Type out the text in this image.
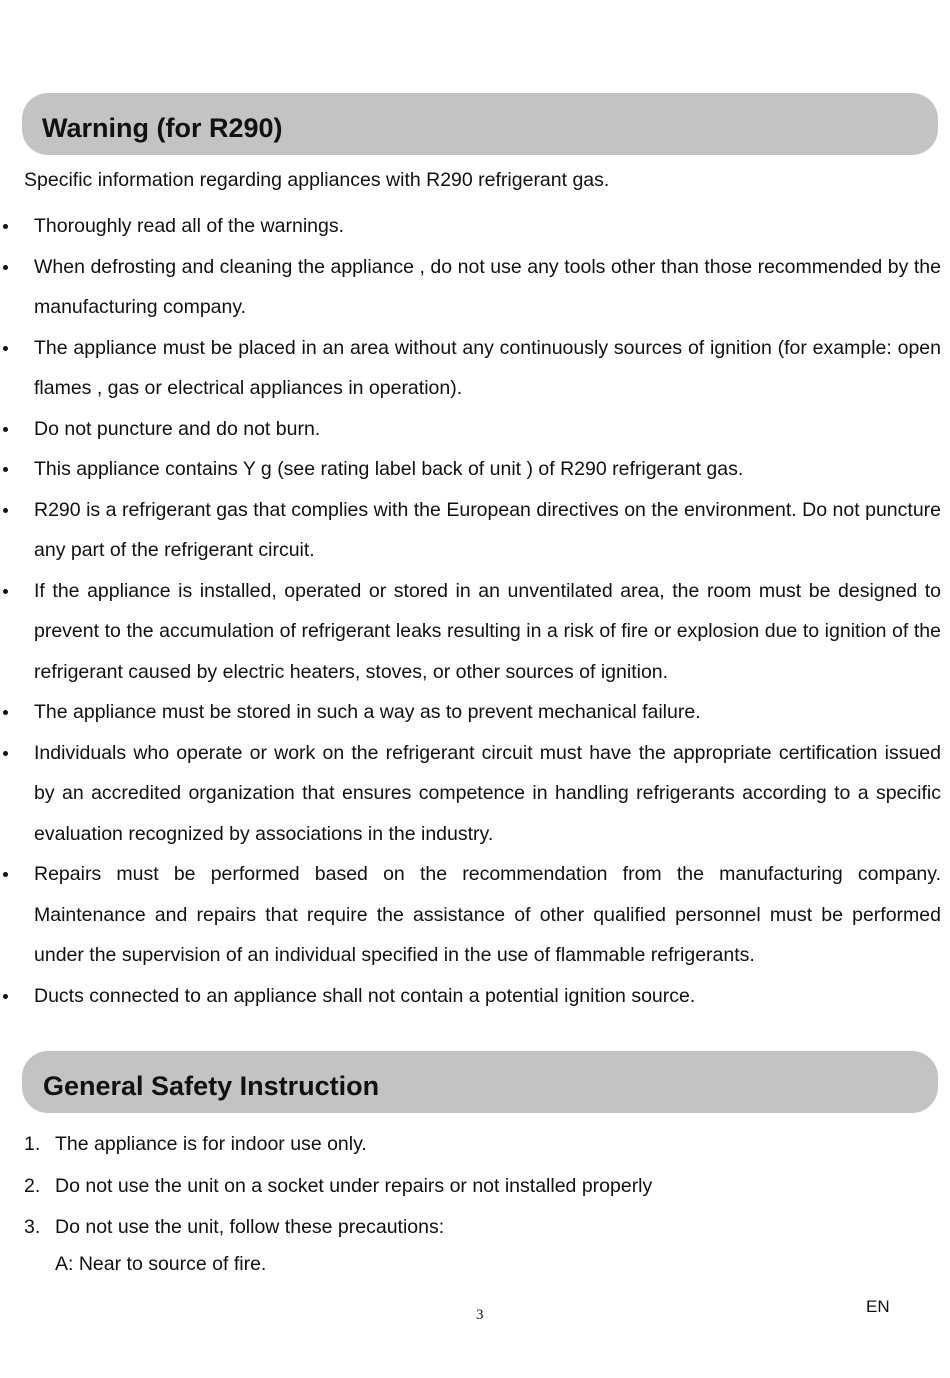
Warning (for R290)

Specific information regarding appliances with R290 refrigerant gas.

Thoroughly read all of the warnings.
When defrosting and cleaning the appliance , do not use any tools other than those recommended by the manufacturing company.
The appliance must be placed in an area without any continuously sources of ignition (for example: open flames , gas or electrical appliances in operation).
Do not puncture and do not burn.
This appliance contains Y g (see rating label back of unit ) of R290 refrigerant gas.
R290 is a refrigerant gas that complies with the European directives on the environment. Do not puncture any part of the refrigerant circuit.
If the appliance is installed, operated or stored in an unventilated area, the room must be designed to prevent to the accumulation of refrigerant leaks resulting in a risk of fire or explosion due to ignition of the refrigerant caused by electric heaters, stoves, or other sources of ignition.
The appliance must be stored in such a way as to prevent mechanical failure.
Individuals who operate or work on the refrigerant circuit must have the appropriate certification issued by an accredited organization that ensures competence in handling refrigerants according to a specific evaluation recognized by associations in the industry.
Repairs must be performed based on the recommendation from the manufacturing company. Maintenance and repairs that require the assistance of other qualified personnel must be performed under the supervision of an individual specified in the use of flammable refrigerants.
Ducts connected to an appliance shall not contain a potential ignition source.
General Safety Instruction
1. The appliance is for indoor use only.
2. Do not use the unit on a socket under repairs or not installed properly
3. Do not use the unit, follow these precautions:

A: Near to source of fire.

3	EN
